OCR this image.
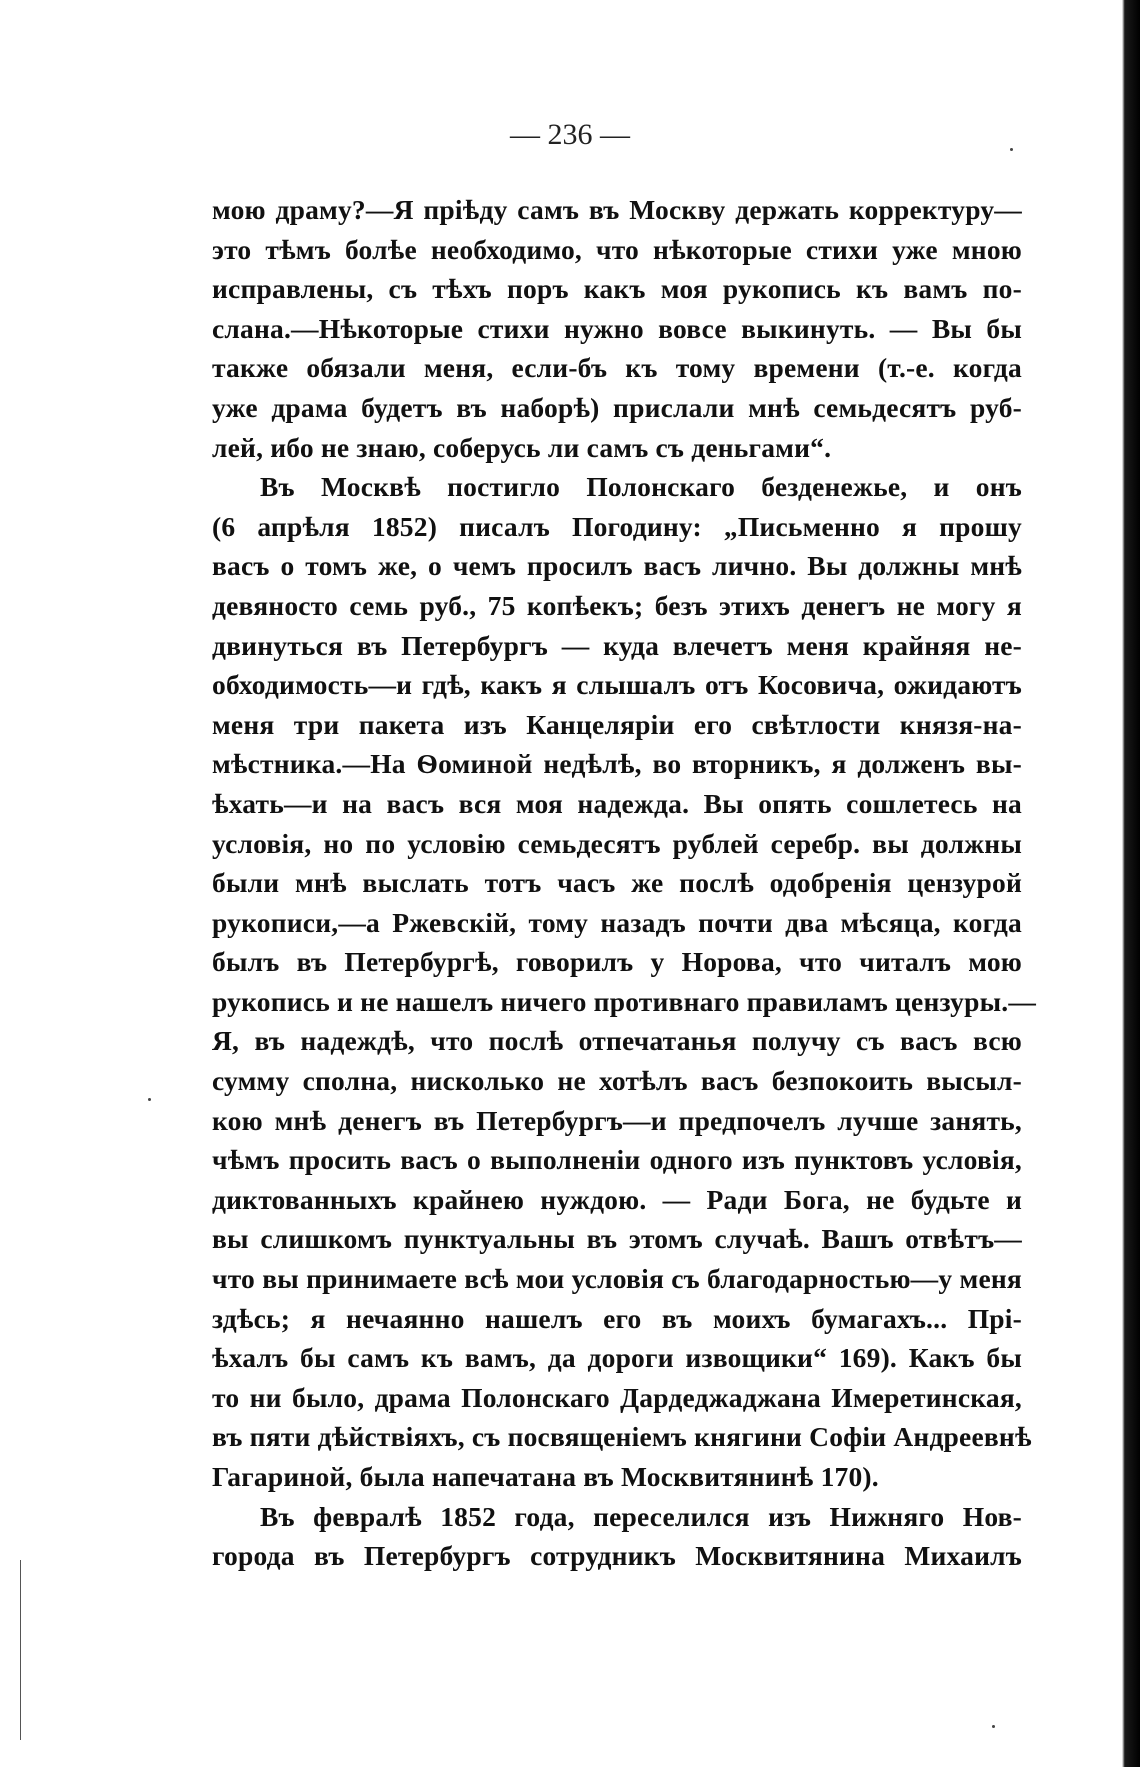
— 236 —
мою драму?—Я пріѣду самъ въ Москву держать корректуру—
это тѣмъ болѣе необходимо, что нѣкоторые стихи уже мною
исправлены, съ тѣхъ поръ какъ моя рукопись къ вамъ по-
слана.—Нѣкоторые стихи нужно вовсе выкинуть. — Вы бы
также обязали меня, если-бъ къ тому времени (т.-е. когда
уже драма будетъ въ наборѣ) прислали мнѣ семьдесятъ руб-
лей, ибо не знаю, соберусь ли самъ съ деньгами“.
Въ Москвѣ постигло Полонскаго безденежье, и онъ
(6 апрѣля 1852) писалъ Погодину: „Письменно я прошу
васъ о томъ же, о чемъ просилъ васъ лично. Вы должны мнѣ
девяносто семь руб., 75 копѣекъ; безъ этихъ денегъ не могу я
двинуться въ Петербургъ — куда влечетъ меня крайняя не-
обходимость—и гдѣ, какъ я слышалъ отъ Косовича, ожидаютъ
меня три пакета изъ Канцеляріи его свѣтлости князя-на-
мѣстника.—На Ѳоминой недѣлѣ, во вторникъ, я долженъ вы-
ѣхать—и на васъ вся моя надежда. Вы опять сошлетесь на
условія, но по условію семьдесятъ рублей серебр. вы должны
были мнѣ выслать тотъ часъ же послѣ одобренія цензурой
рукописи,—а Ржевскій, тому назадъ почти два мѣсяца, когда
былъ въ Петербургѣ, говорилъ у Норова, что читалъ мою
рукопись и не нашелъ ничего противнаго правиламъ цензуры.—
Я, въ надеждѣ, что послѣ отпечатанья получу съ васъ всю
сумму сполна, нисколько не хотѣлъ васъ безпокоить высыл-
кою мнѣ денегъ въ Петербургъ—и предпочелъ лучше занять,
чѣмъ просить васъ о выполненіи одного изъ пунктовъ условія,
диктованныхъ крайнею нуждою. — Ради Бога, не будьте и
вы слишкомъ пунктуальны въ этомъ случаѣ. Вашъ отвѣтъ—
что вы принимаете всѣ мои условія съ благодарностью—у меня
здѣсь; я нечаянно нашелъ его въ моихъ бумагахъ... Прі-
ѣхалъ бы самъ къ вамъ, да дороги извощики“ 169). Какъ бы
то ни было, драма Полонскаго Дардеджаджана Имеретинская,
въ пяти дѣйствіяхъ, съ посвященіемъ княгини Софіи Андреевнѣ
Гагариной, была напечатана въ Москвитянинѣ 170).
Въ февралѣ 1852 года, переселился изъ Нижняго Нов-
города въ Петербургъ сотрудникъ Москвитянина Михаилъ
